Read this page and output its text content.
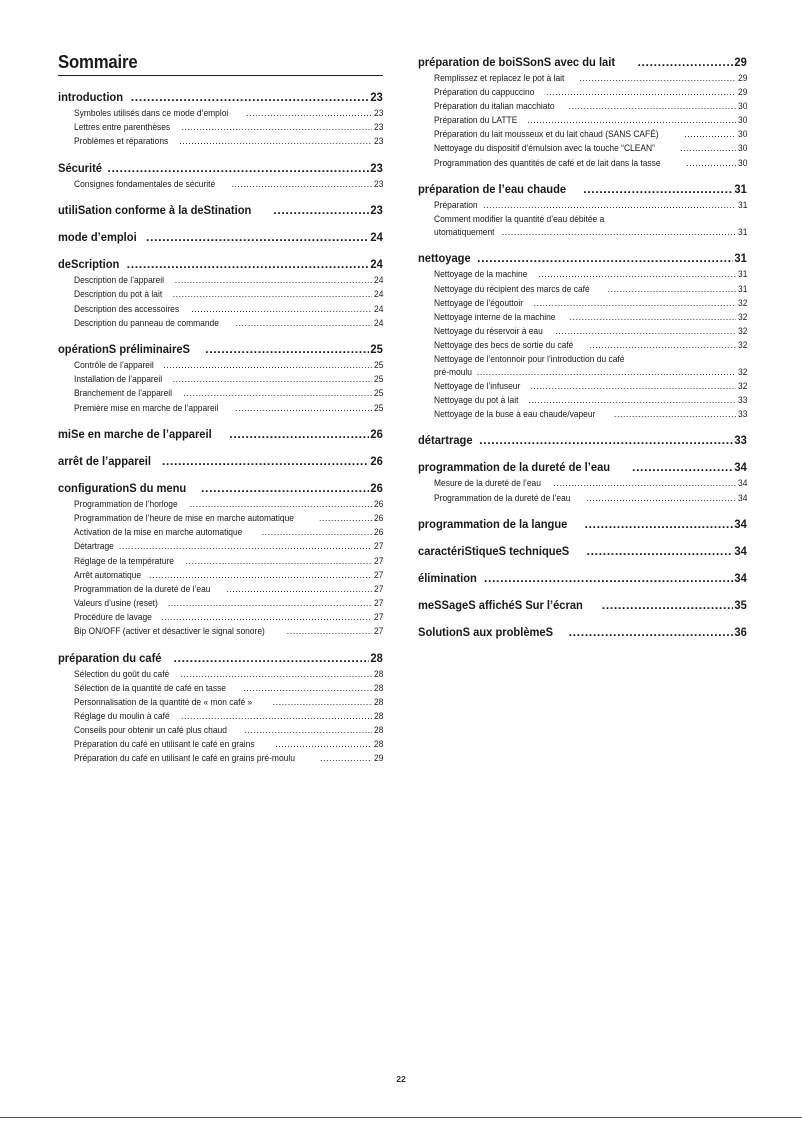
Sommaire
introduction .....	23
Symboles utilisés dans ce mode d’emploi .....	23
Lettres entre parenthèses .....	23
Problèmes et réparations .....	23
Sécurité .....	23
Consignes fondamentales de sécurité .....	23
utiliSation conforme à la deStination .....	23
mode d’emploi .....	24
deScription .....	24
Description de l’appareil .....	24
Description du pot à lait .....	24
Description des accessoires .....	24
Description du panneau de commande .....	24
opérationS préliminaireS .....	25
Contrôle de l’appareil .....	25
Installation de l’appareil .....	25
Branchement de l’appareil .....	25
Première mise en marche de l’appareil .....	25
miSe en marche de l’appareil .....	26
arrêt de l’appareil .....	26
configurationS du menu .....	26
Programmation de l’horloge .....	26
Programmation de l’heure de mise en marche automatique .....	26
Activation de la mise en marche automatique .....	26
Détartrage .....	27
Réglage de la température .....	27
Arrêt automatique .....	27
Programmation de la dureté de l’eau .....	27
Valeurs d’usine (reset) .....	27
Procédure de lavage .....	27
Bip ON/OFF (activer et désactiver le signal sonore) .....	27
préparation du café .....	28
Sélection du goût du café .....	28
Sélection de la quantité de café en tasse .....	28
Personnalisation de la quantité de « mon café » .....	28
Réglage du moulin à café .....	28
Conseils pour obtenir un café plus chaud .....	28
Préparation du café en utilisant le café en grains .....	28
Préparation du café en utilisant le café en grains pré-moulu .....	29
préparation de boiSSonS avec du lait .....	29
Remplissez et replacez le pot à lait .....	29
Préparation du cappuccino .....	29
Préparation du italian macchiato .....	30
Préparation du LATTE .....	30
Préparation du lait mousseux et du lait chaud (SANS CAFÉ) .....	30
Nettoyage du dispositif d’émulsion avec la touche “CLEAN” .....	30
Programmation des quantités de café et de lait dans la tasse .....	30
préparation de l’eau chaude .....	31
Préparation .....	31
Comment modifier la quantité d’eau débitée a
utomatiquement .....	31
nettoyage .....	31
Nettoyage de la machine .....	31
Nettoyage du récipient des marcs de café .....	31
Nettoyage de l’égouttoir .....	32
Nettoyage interne de la machine .....	32
Nettoyage du réservoir à eau .....	32
Nettoyage des becs de sortie du café .....	32
Nettoyage de l’entonnoir pour l’introduction du café
pré-moulu .....	32
Nettoyage de l’infuseur .....	32
Nettoyage du pot à lait .....	33
Nettoyage de la buse à eau chaude/vapeur .....	33
détartrage .....	33
programmation de la dureté de l’eau .....	34
Mesure de la dureté de l’eau .....	34
Programmation de la dureté de l’eau .....	34
programmation de la langue .....	34
caractériStiqueS techniqueS .....	34
élimination .....	34
meSSageS affichéS Sur l’écran .....	35
SolutionS aux problèmeS .....	36
22
